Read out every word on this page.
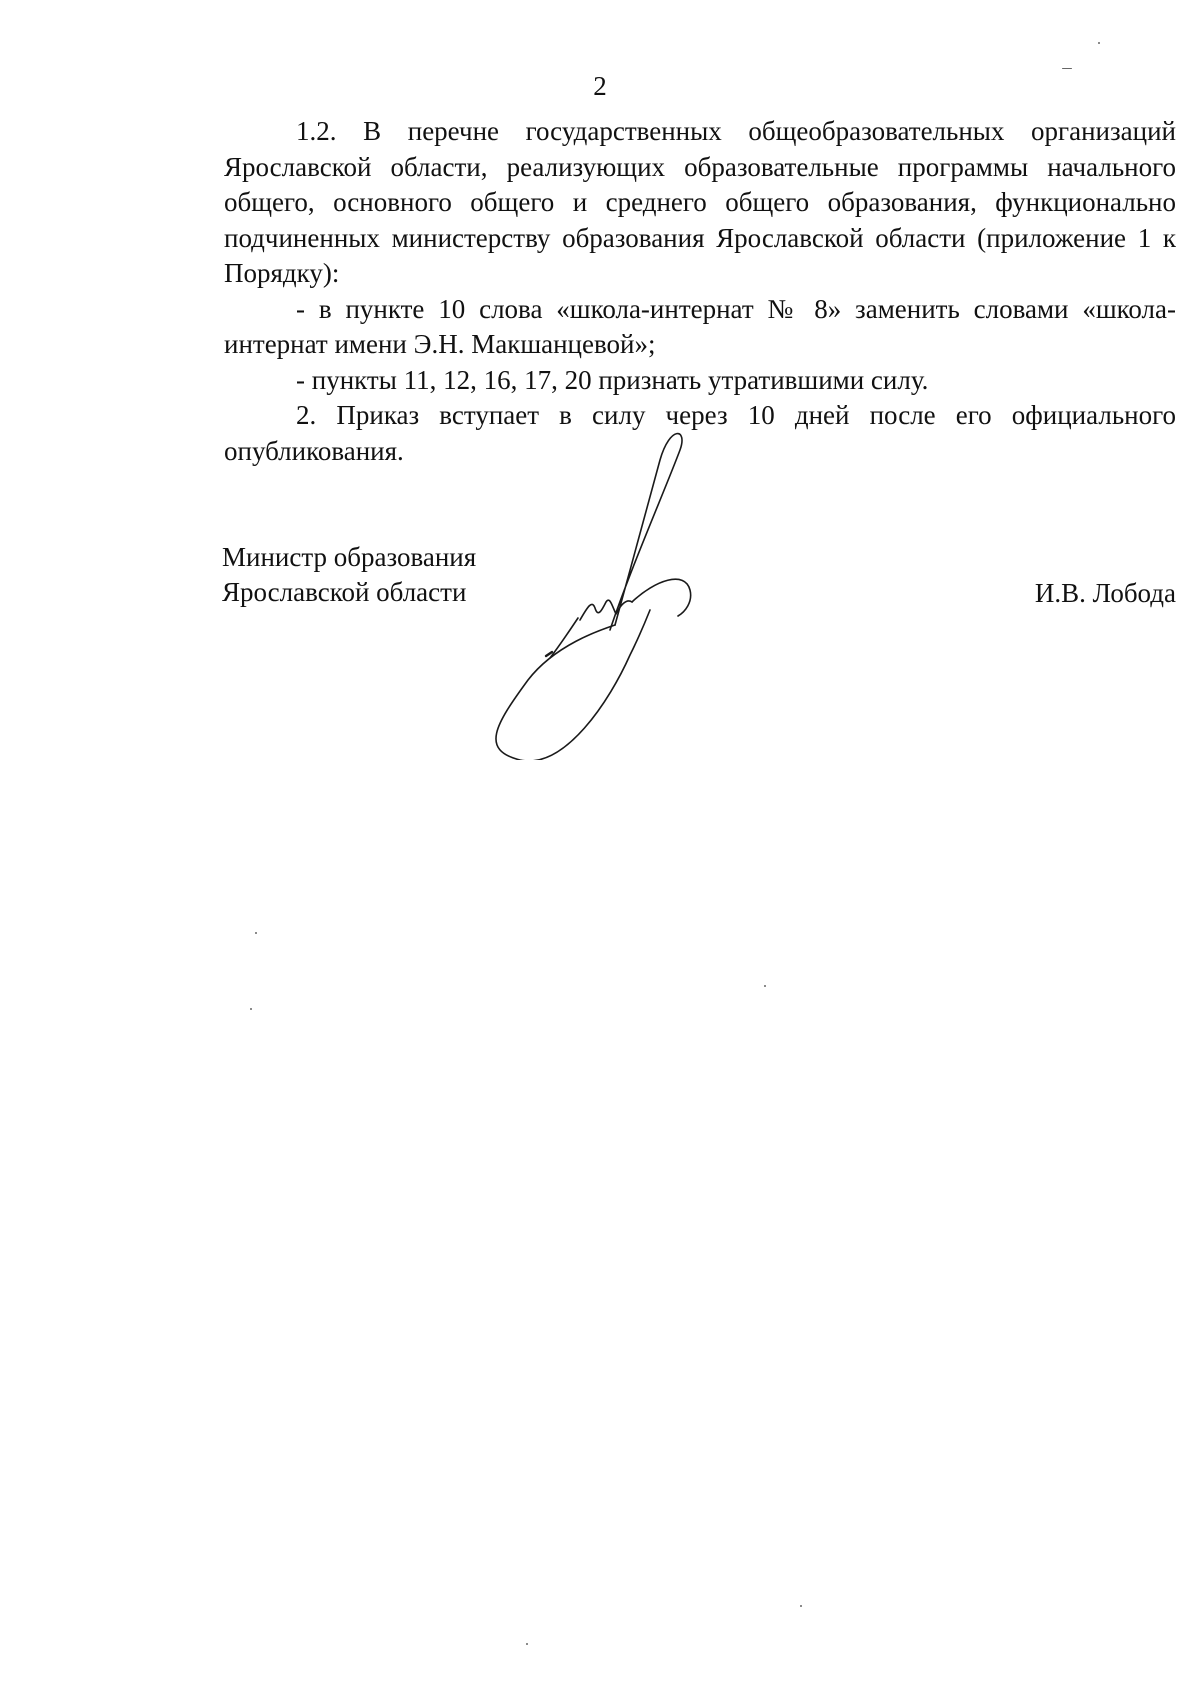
2

1.2. В перечне государственных общеобразовательных организаций Ярославской области, реализующих образовательные программы начального общего, основного общего и среднего общего образования, функционально подчиненных министерству образования Ярославской области (приложение 1 к Порядку):

- в пункте 10 слова «школа-интернат № 8» заменить словами «школа-интернат имени Э.Н. Макшанцевой»;

- пункты 11, 12, 16, 17, 20 признать утратившими силу.

2. Приказ вступает в силу через 10 дней после его официального опубликования.

Министр образования
Ярославской области	И.В. Лобода
